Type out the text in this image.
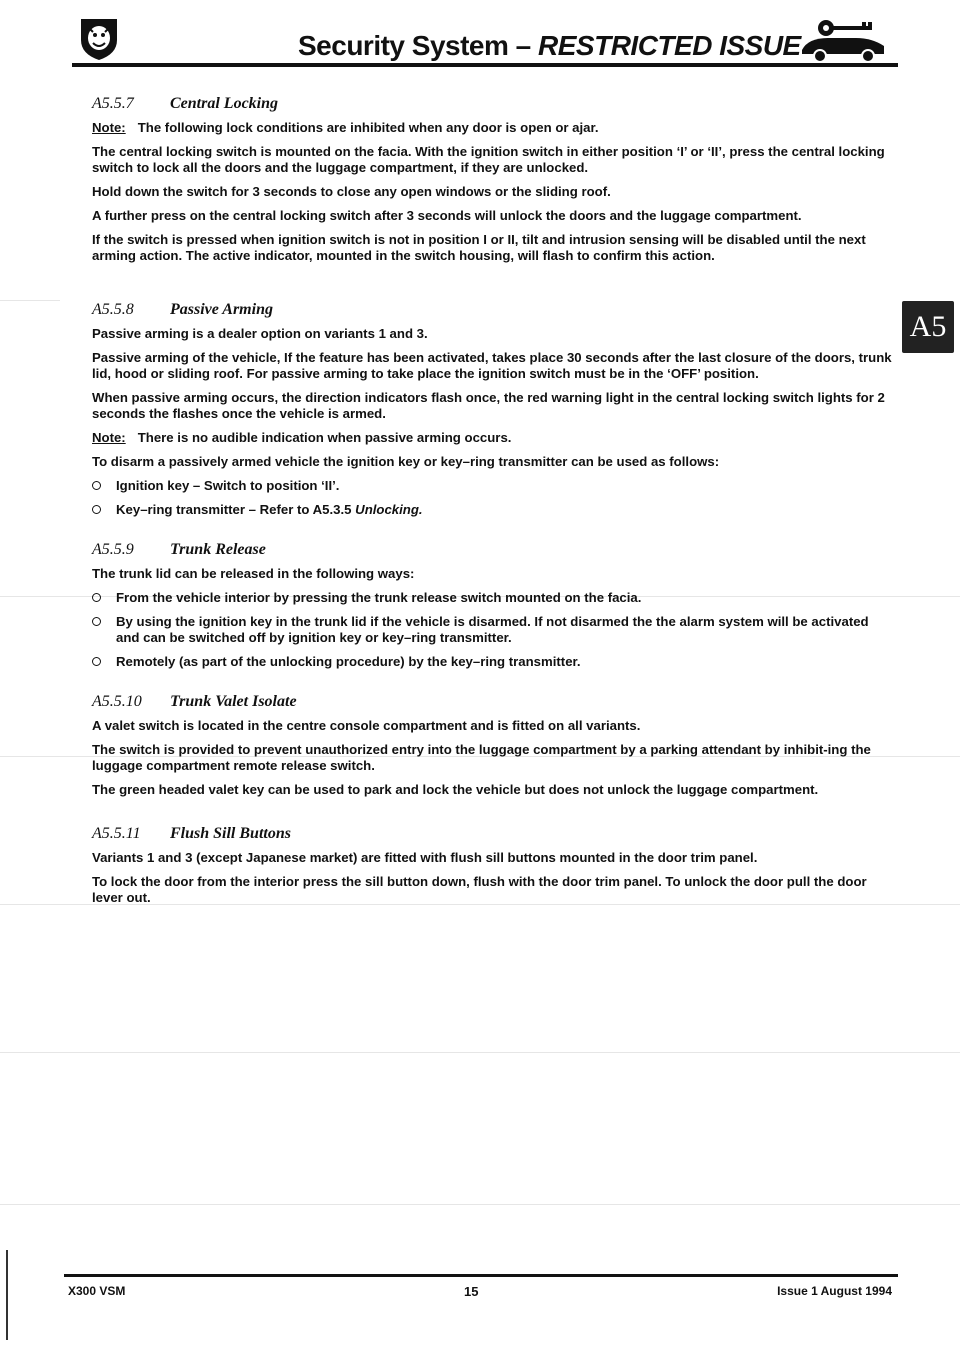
Security System – RESTRICTED ISSUE
A5
A5.5.7 Central Locking
Note: The following lock conditions are inhibited when any door is open or ajar.
The central locking switch is mounted on the facia. With the ignition switch in either position ‘I’ or ‘II’, press the central locking switch to lock all the doors and the luggage compartment, if they are unlocked.
Hold down the switch for 3 seconds to close any open windows or the sliding roof.
A further press on the central locking switch after 3 seconds will unlock the doors and the luggage compartment.
If the switch is pressed when ignition switch is not in position I or II, tilt and intrusion sensing will be disabled until the next arming action. The active indicator, mounted in the switch housing, will flash to confirm this action.
A5.5.8 Passive Arming
Passive arming is a dealer option on variants 1 and 3.
Passive arming of the vehicle, If the feature has been activated, takes place 30 seconds after the last closure of the doors, trunk lid, hood or sliding roof. For passive arming to take place the ignition switch must be in the ‘OFF’ position.
When passive arming occurs, the direction indicators flash once, the red warning light in the central locking switch lights for 2 seconds the flashes once the vehicle is armed.
Note: There is no audible indication when passive arming occurs.
To disarm a passively armed vehicle the ignition key or key–ring transmitter can be used as follows:
Ignition key – Switch to position ‘II’.
Key–ring transmitter – Refer to A5.3.5 Unlocking.
A5.5.9 Trunk Release
The trunk lid can be released in the following ways:
From the vehicle interior by pressing the trunk release switch mounted on the facia.
By using the ignition key in the trunk lid if the vehicle is disarmed. If not disarmed the the alarm system will be activated and can be switched off by ignition key or key–ring transmitter.
Remotely (as part of the unlocking procedure) by the key–ring transmitter.
A5.5.10 Trunk Valet Isolate
A valet switch is located in the centre console compartment and is fitted on all variants.
The switch is provided to prevent unauthorized entry into the luggage compartment by a parking attendant by inhibit-ing the luggage compartment remote release switch.
The green headed valet key can be used to park and lock the vehicle but does not unlock the luggage compartment.
A5.5.11 Flush Sill Buttons
Variants 1 and 3 (except Japanese market) are fitted with flush sill buttons mounted in the door trim panel.
To lock the door from the interior press the sill button down, flush with the door trim panel. To unlock the door pull the door lever out.
X300 VSM	15	Issue 1 August 1994
